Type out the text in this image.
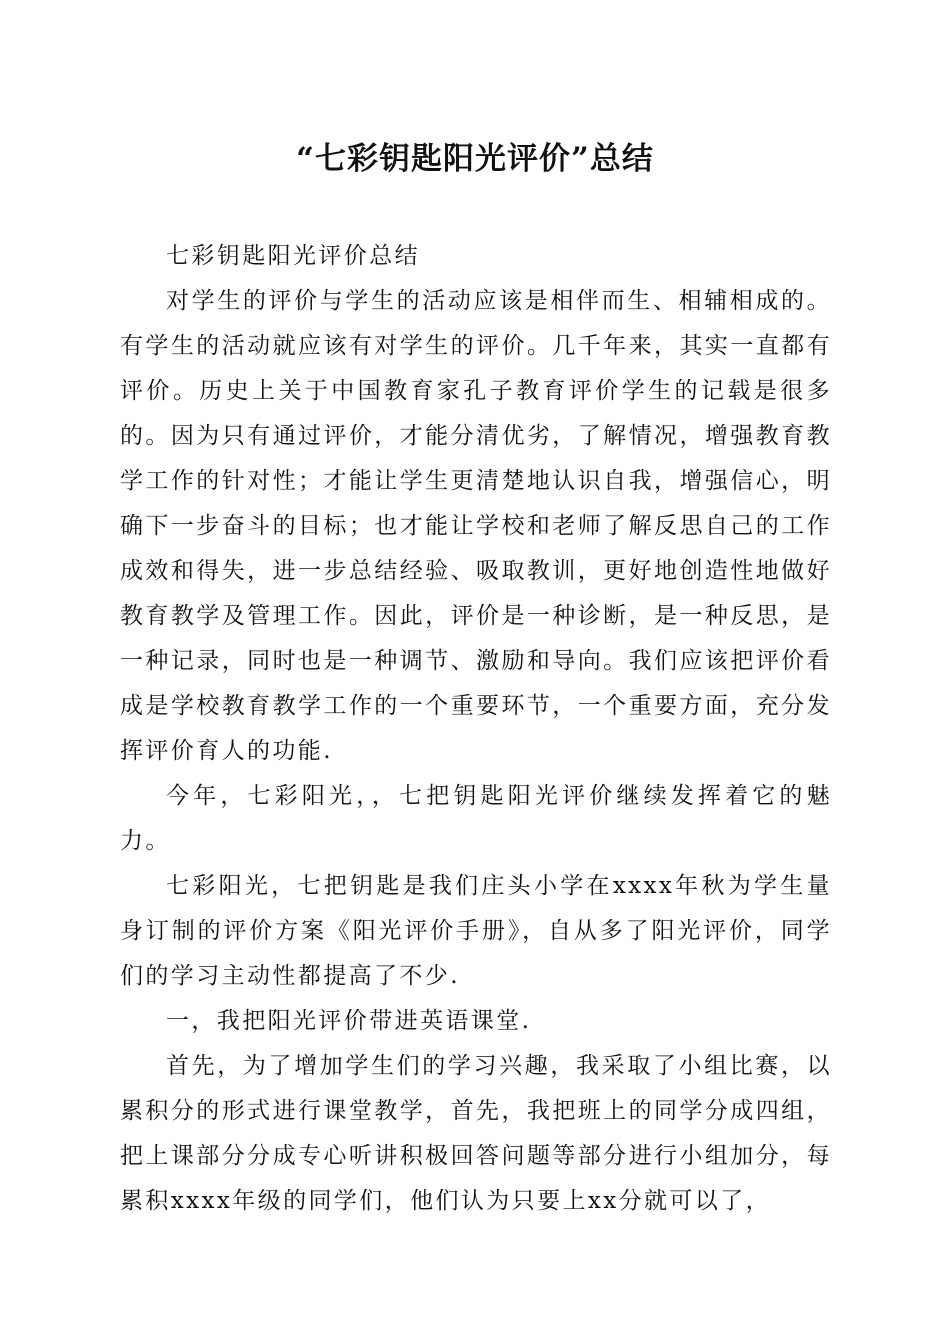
“七彩钥匙阳光评价”总结

七彩钥匙阳光评价总结

对学生的评价与学生的活动应该是相伴而生、相辅相成的。有学生的活动就应该有对学生的评价。几千年来，其实一直都有评价。历史上关于中国教育家孔子教育评价学生的记载是很多的。因为只有通过评价，才能分清优劣，了解情况，增强教育教学工作的针对性；才能让学生更清楚地认识自我，增强信心，明确下一步奋斗的目标；也才能让学校和老师了解反思自己的工作成效和得失，进一步总结经验、吸取教训，更好地创造性地做好教育教学及管理工作。因此，评价是一种诊断，是一种反思，是一种记录，同时也是一种调节、激励和导向。我们应该把评价看成是学校教育教学工作的一个重要环节，一个重要方面，充分发挥评价育人的功能.

今年，七彩阳光，，七把钥匙阳光评价继续发挥着它的魅力。

七彩阳光，七把钥匙是我们庄头小学在xxxx年秋为学生量身订制的评价方案《阳光评价手册》，自从多了阳光评价，同学们的学习主动性都提高了不少.

一，我把阳光评价带进英语课堂.

首先，为了增加学生们的学习兴趣，我采取了小组比赛，以累积分的形式进行课堂教学，首先，我把班上的同学分成四组，把上课部分分成专心听讲积极回答问题等部分进行小组加分，每累积xxxx年级的同学们，他们认为只要上xx分就可以了，
